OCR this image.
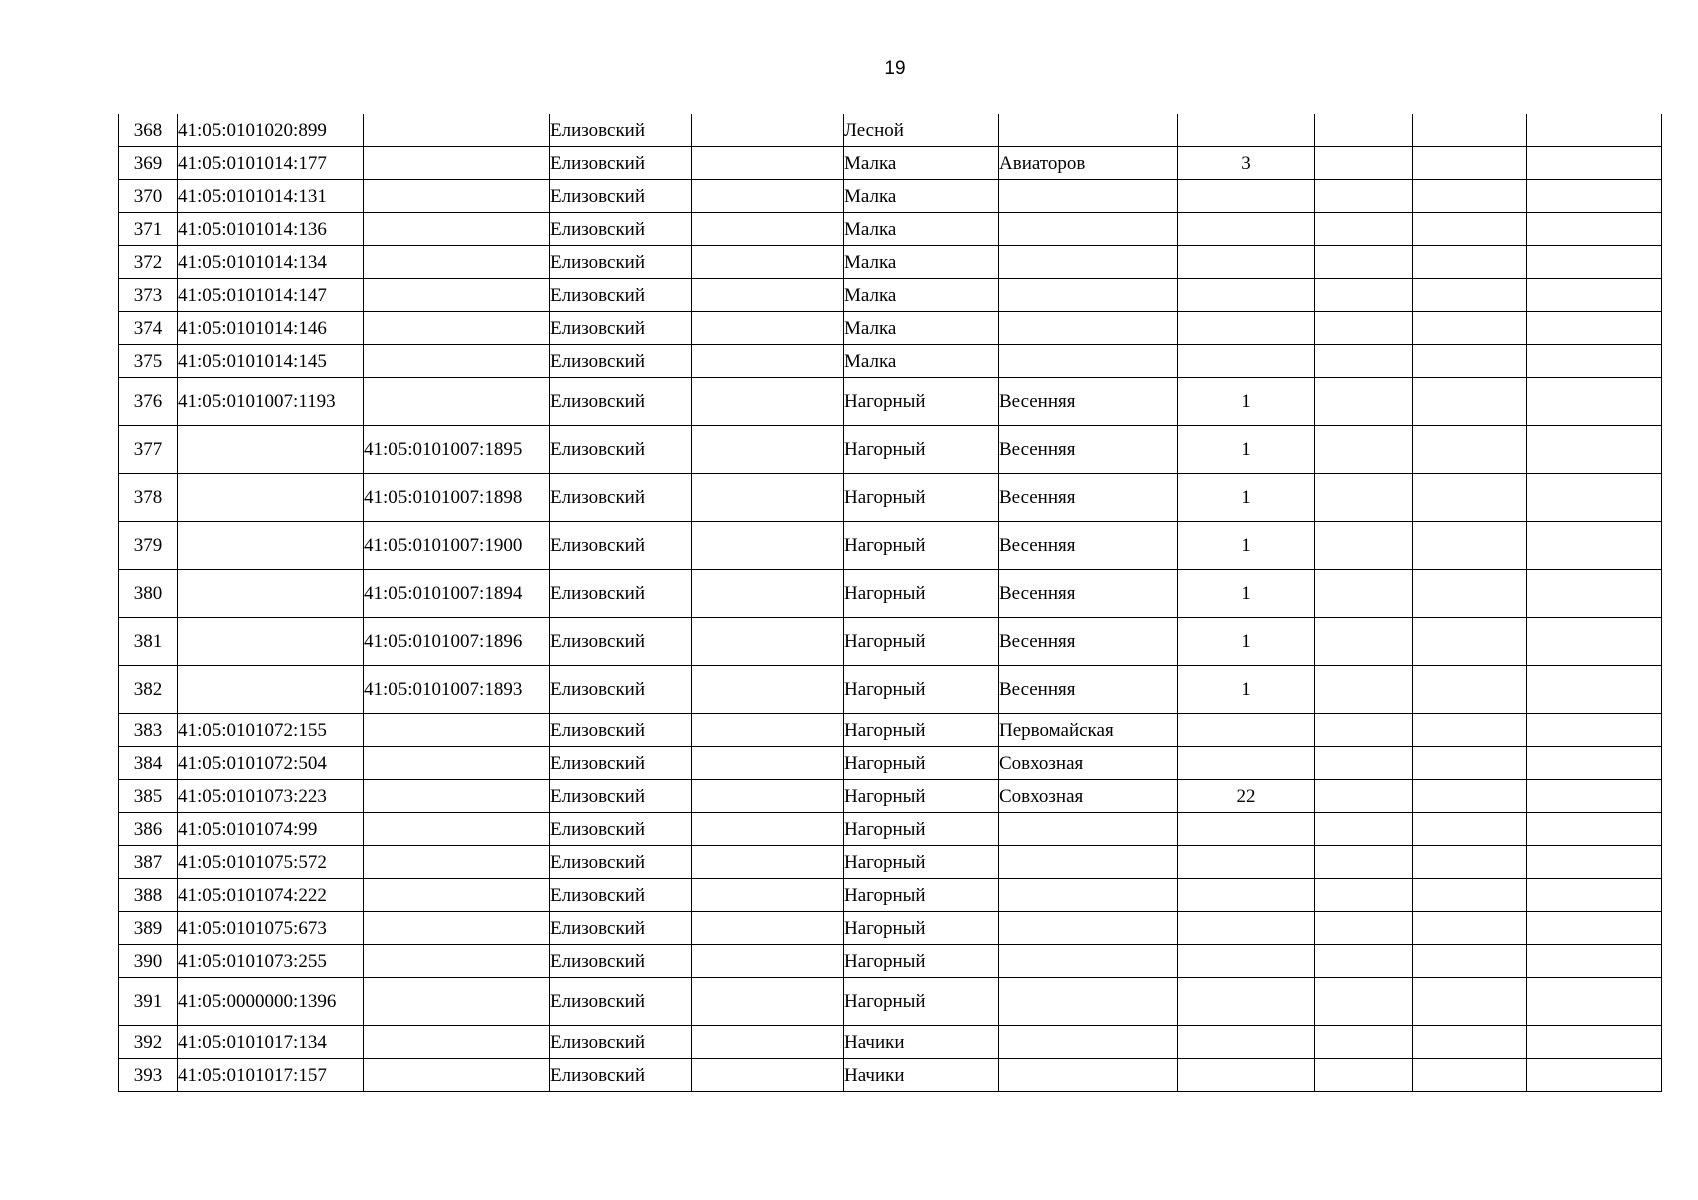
19
368	41:05:0101020:899		Елизовский		Лесной					
369	41:05:0101014:177		Елизовский		Малка	Авиаторов	3			
370	41:05:0101014:131		Елизовский		Малка					
371	41:05:0101014:136		Елизовский		Малка					
372	41:05:0101014:134		Елизовский		Малка					
373	41:05:0101014:147		Елизовский		Малка					
374	41:05:0101014:146		Елизовский		Малка					
375	41:05:0101014:145		Елизовский		Малка					
376	41:05:0101007:1193		Елизовский		Нагорный	Весенняя	1			
377		41:05:0101007:1895	Елизовский		Нагорный	Весенняя	1			
378		41:05:0101007:1898	Елизовский		Нагорный	Весенняя	1			
379		41:05:0101007:1900	Елизовский		Нагорный	Весенняя	1			
380		41:05:0101007:1894	Елизовский		Нагорный	Весенняя	1			
381		41:05:0101007:1896	Елизовский		Нагорный	Весенняя	1			
382		41:05:0101007:1893	Елизовский		Нагорный	Весенняя	1			
383	41:05:0101072:155		Елизовский		Нагорный	Первомайская				
384	41:05:0101072:504		Елизовский		Нагорный	Совхозная				
385	41:05:0101073:223		Елизовский		Нагорный	Совхозная	22			
386	41:05:0101074:99		Елизовский		Нагорный					
387	41:05:0101075:572		Елизовский		Нагорный					
388	41:05:0101074:222		Елизовский		Нагорный					
389	41:05:0101075:673		Елизовский		Нагорный					
390	41:05:0101073:255		Елизовский		Нагорный					
391	41:05:0000000:1396		Елизовский		Нагорный					
392	41:05:0101017:134		Елизовский		Начики					
393	41:05:0101017:157		Елизовский		Начики					
